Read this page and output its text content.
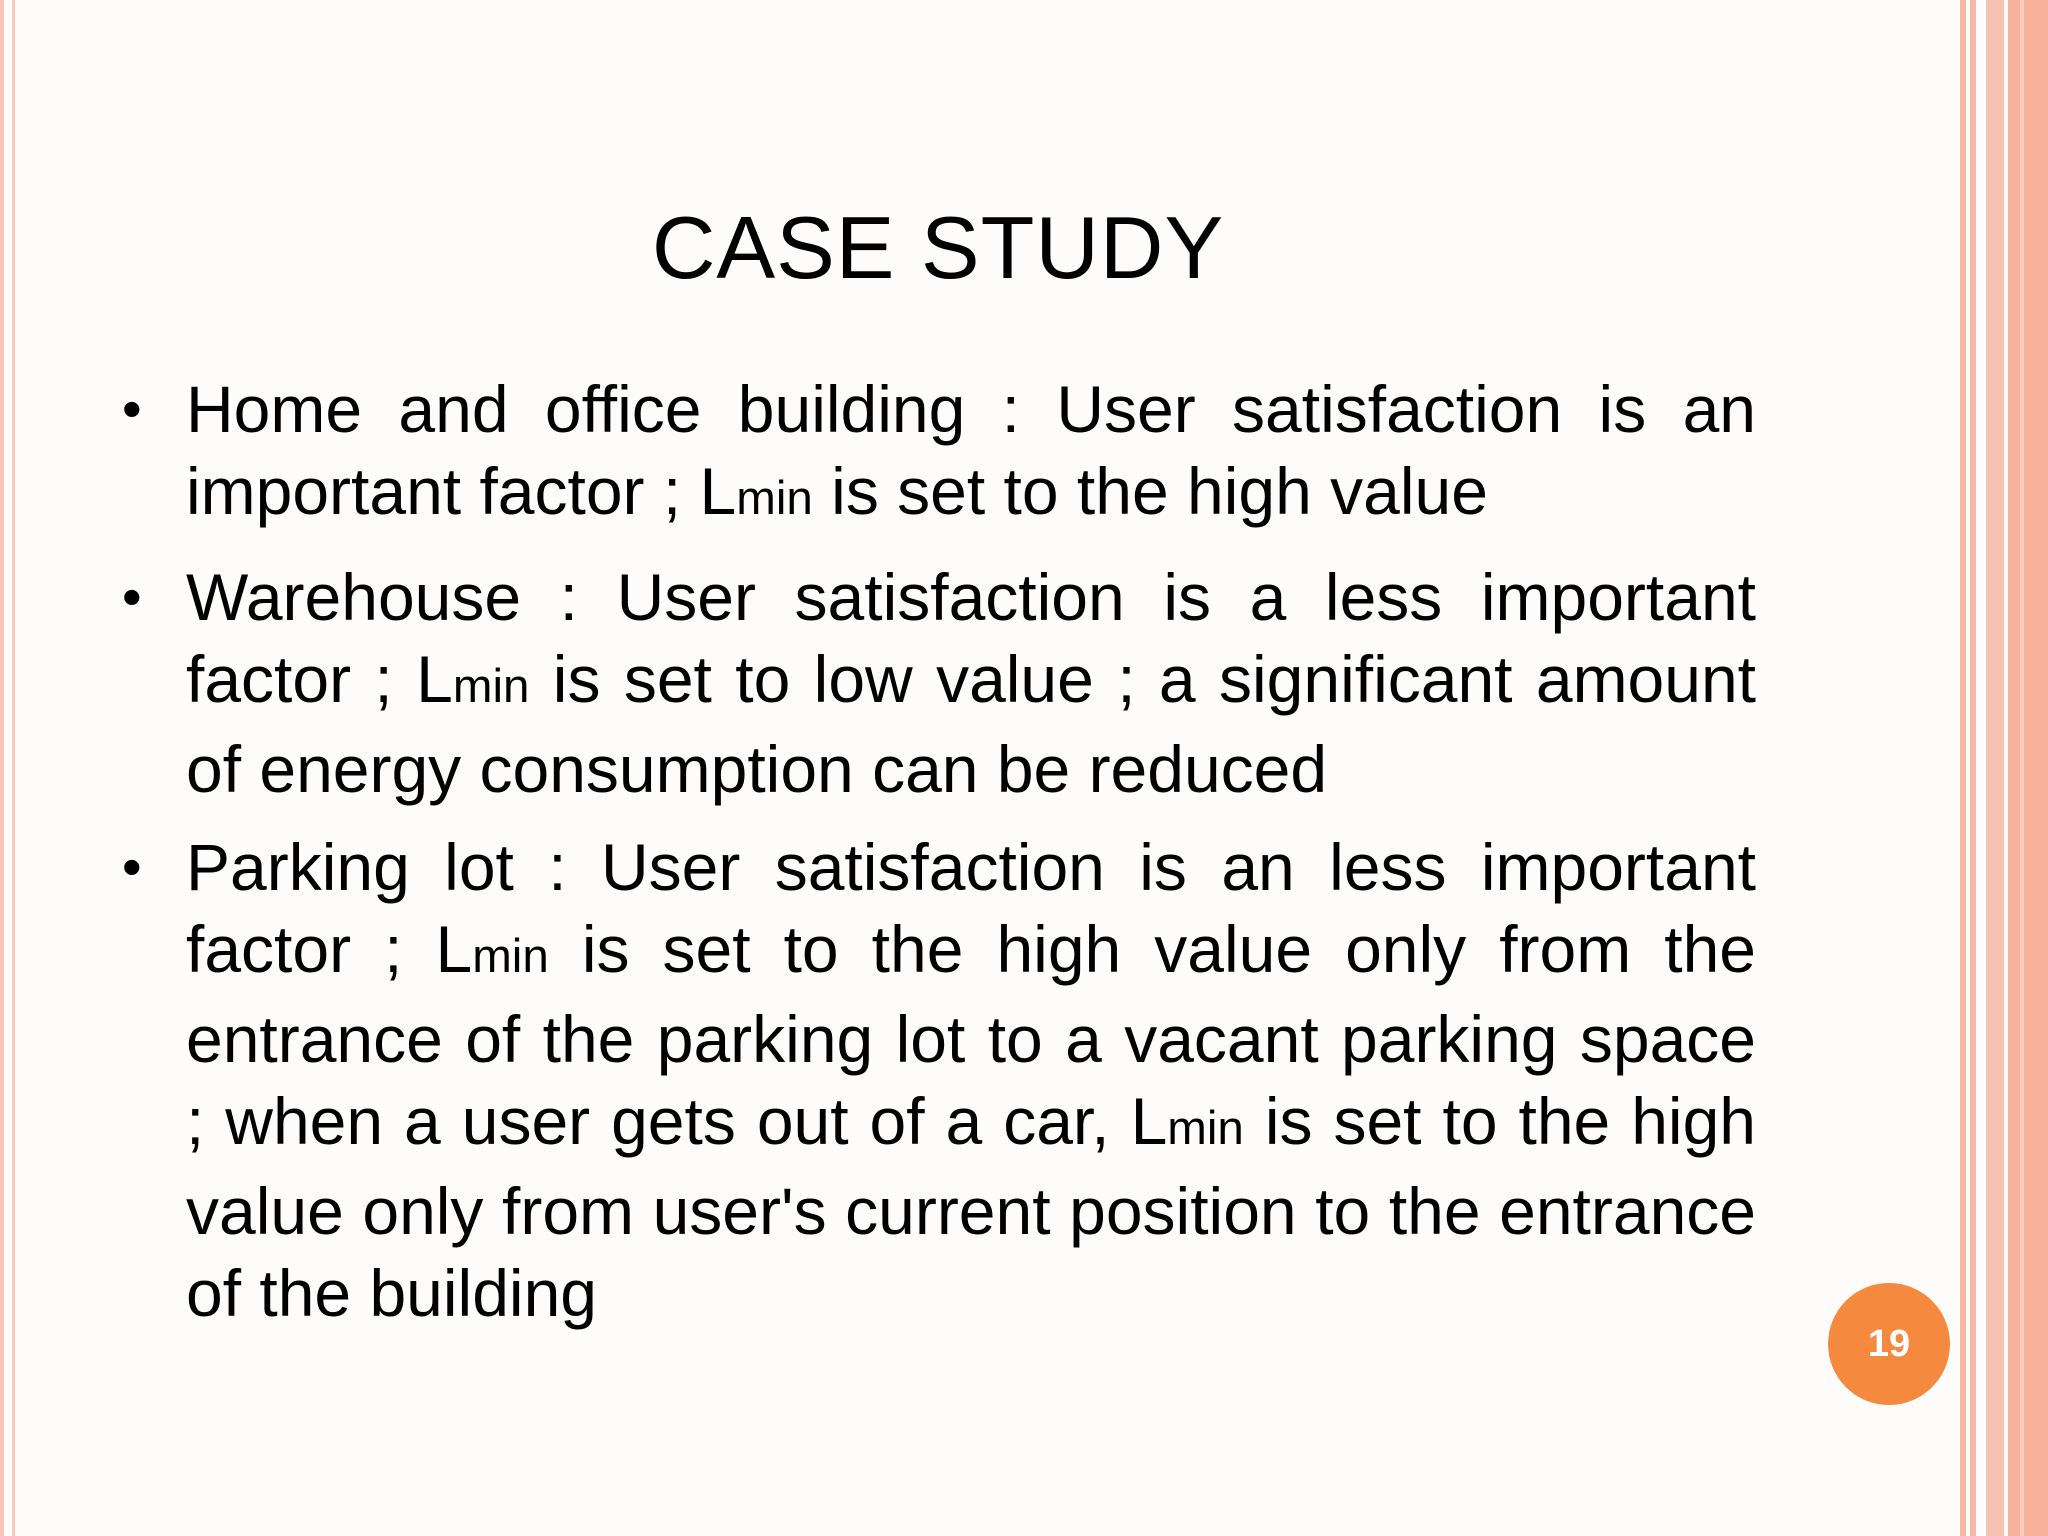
CASE STUDY
• Home and office building : User satisfaction is an important factor ; Lmin is set to the high value
• Warehouse : User satisfaction is a less important factor ; Lmin is set to low value ; a significant amount of energy consumption can be reduced
• Parking lot : User satisfaction is an less important factor ; Lmin is set to the high value only from the entrance of the parking lot to a vacant parking space ; when a user gets out of a car, Lmin is set to the high value only from user's current position to the entrance of the building
19
